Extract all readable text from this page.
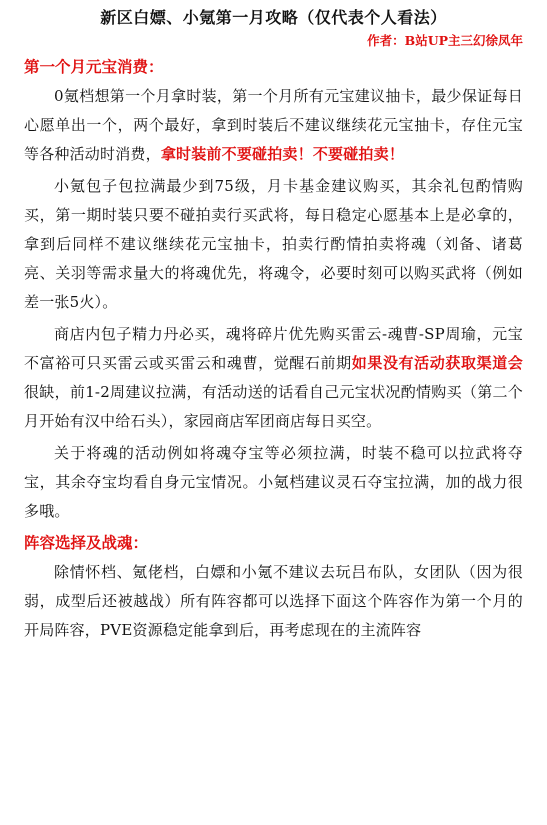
新区白嫖、小氪第一月攻略（仅代表个人看法）
作者：B站UP主三幻徐凤年
第一个月元宝消费：

0氪档想第一个月拿时装，第一个月所有元宝建议抽卡，最少保证每日心愿单出一个，两个最好，拿到时装后不建议继续花元宝抽卡，存住元宝等各种活动时消费，拿时装前不要碰拍卖！不要碰拍卖！

小氪包子包拉满最少到75级，月卡基金建议购买，其余礼包酌情购买，第一期时装只要不碰拍卖行买武将，每日稳定心愿基本上是必拿的，拿到后同样不建议继续花元宝抽卡，拍卖行酌情拍卖将魂（刘备、诸葛亮、关羽等需求量大的将魂优先，将魂令，必要时刻可以购买武将（例如差一张5火）。

商店内包子精力丹必买，魂将碎片优先购买雷云-魂曹-SP周瑜，元宝不富裕可只买雷云或买雷云和魂曹，觉醒石前期如果没有活动获取渠道会很缺，前1-2周建议拉满，有活动送的话看自己元宝状况酌情购买（第二个月开始有汉中给石头），家园商店军团商店每日买空。

关于将魂的活动例如将魂夺宝等必须拉满，时装不稳可以拉武将夺宝，其余夺宝均看自身元宝情况。小氪档建议灵石夺宝拉满，加的战力很多哦。

阵容选择及战魂：

除情怀档、氪佬档，白嫖和小氪不建议去玩吕布队，女团队（因为很弱，成型后还被越战）所有阵容都可以选择下面这个阵容作为第一个月的开局阵容，PVE资源稳定能拿到后，再考虑现在的主流阵容
